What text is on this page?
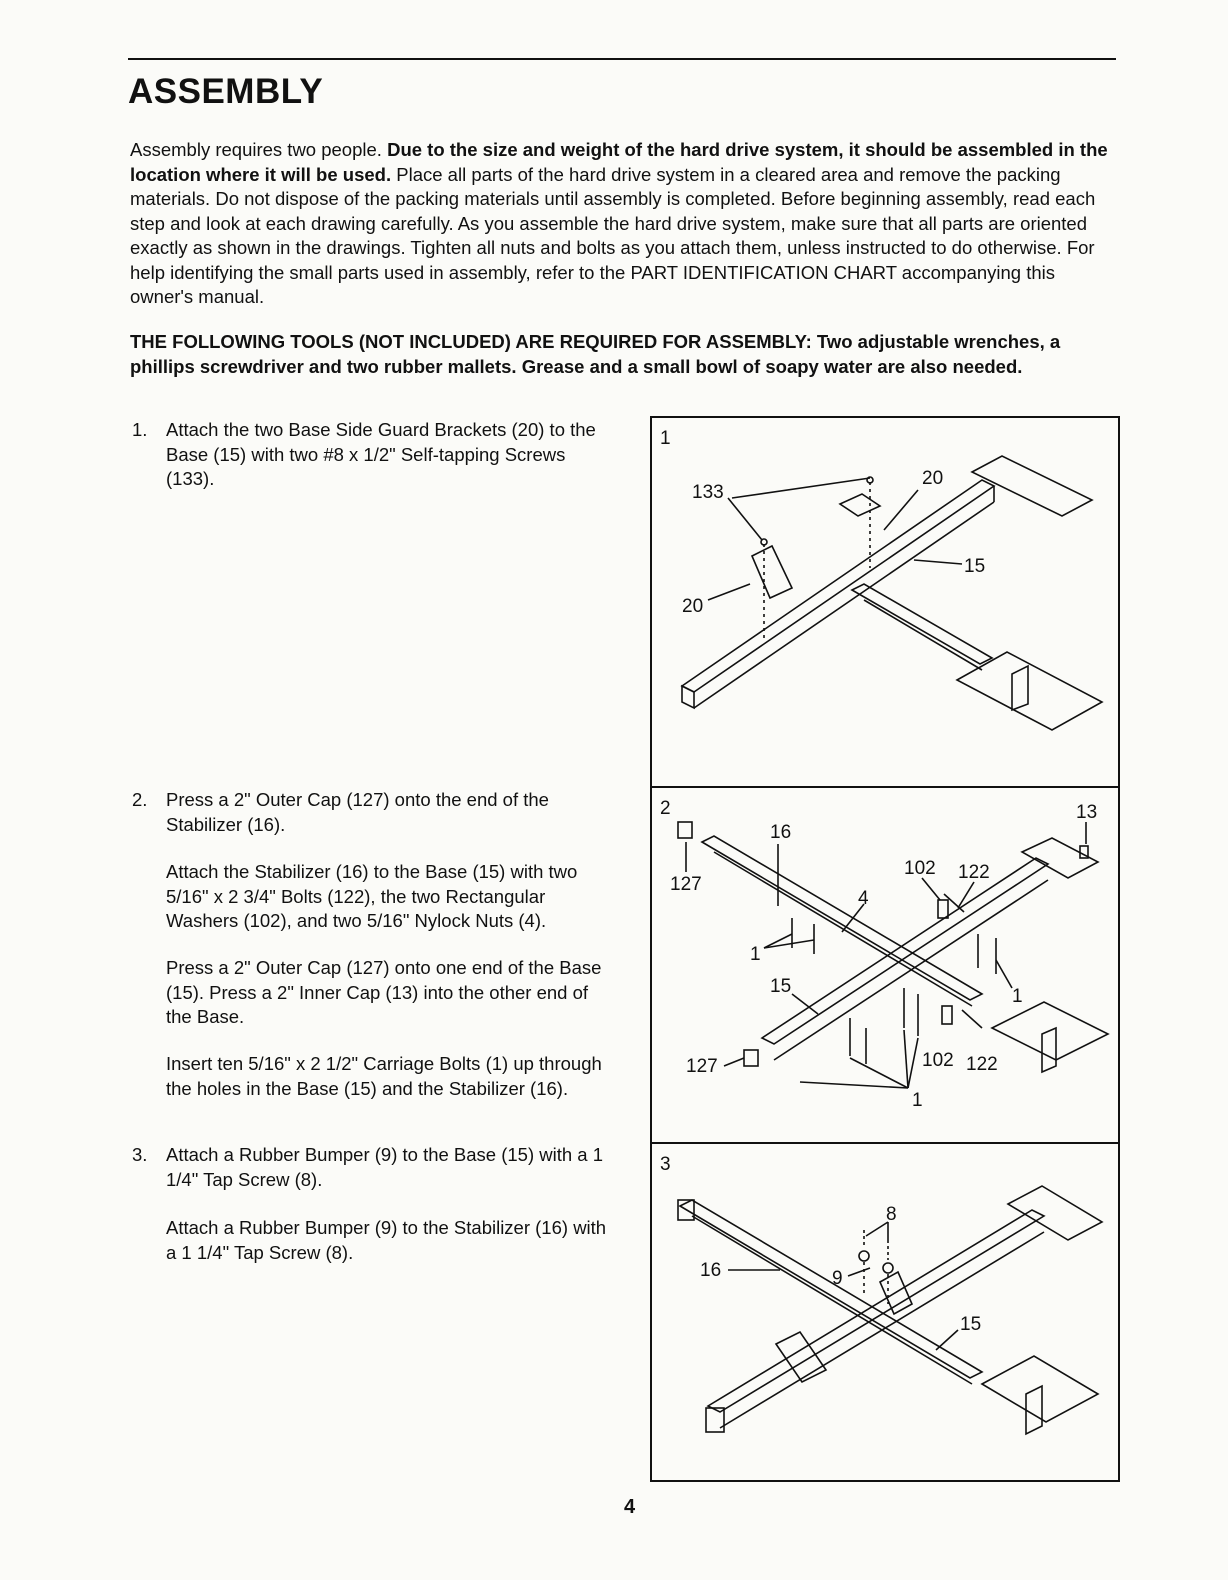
ASSEMBLY

Assembly requires two people. Due to the size and weight of the hard drive system, it should be assembled in the location where it will be used. Place all parts of the hard drive system in a cleared area and remove the packing materials. Do not dispose of the packing materials until assembly is completed. Before beginning assembly, read each step and look at each drawing carefully. As you assemble the hard drive system, make sure that all parts are oriented exactly as shown in the drawings. Tighten all nuts and bolts as you attach them, unless instructed to do otherwise. For help identifying the small parts used in assembly, refer to the PART IDENTIFICATION CHART accompanying this owner's manual.

THE FOLLOWING TOOLS (NOT INCLUDED) ARE REQUIRED FOR ASSEMBLY: Two adjustable wrenches, a phillips screwdriver and two rubber mallets. Grease and a small bowl of soapy water are also needed.

1. Attach the two Base Side Guard Brackets (20) to the Base (15) with two #8 x 1/2" Self-tapping Screws (133).
2. Press a 2" Outer Cap (127) onto the end of the Stabilizer (16).
Attach the Stabilizer (16) to the Base (15) with two 5/16" x 2 3/4" Bolts (122), the two Rectangular Washers (102), and two 5/16" Nylock Nuts (4).
Press a 2" Outer Cap (127) onto one end of the Base (15). Press a 2" Inner Cap (13) into the other end of the Base.
Insert ten 5/16" x 2 1/2" Carriage Bolts (1) up through the holes in the Base (15) and the Stabilizer (16).
3. Attach a Rubber Bumper (9) to the Base (15) with a 1 1/4" Tap Screw (8).
Attach a Rubber Bumper (9) to the Stabilizer (16) with a 1 1/4" Tap Screw (8).
1
133
20
15
20
2
16
13
127
102 122
4
1
15	1
127	102 122
1
3
8
16	9
15
4
